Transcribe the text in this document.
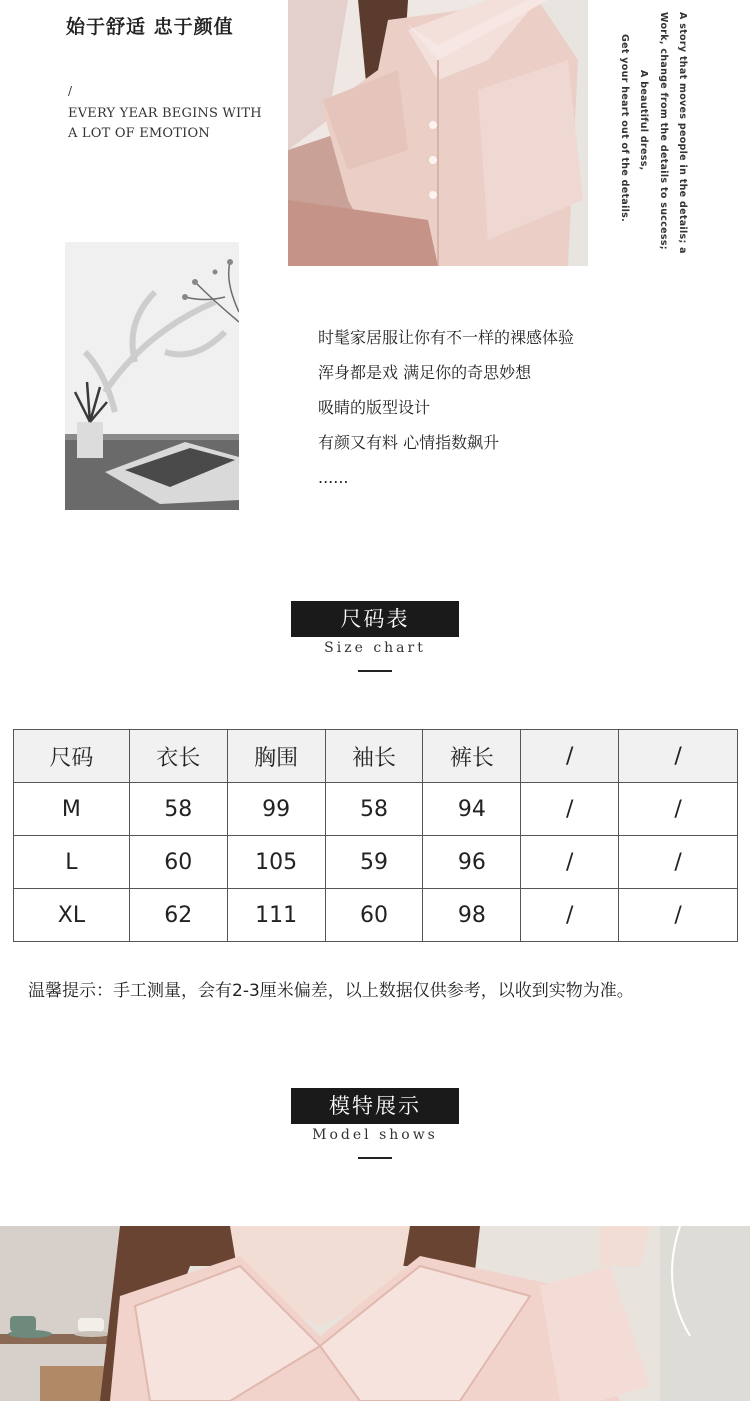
始于舒适 忠于颜值
/
EVERY YEAR BEGINS WITH
A LOT OF EMOTION	A story that moves people in the details; a
Work, change from the details to success;
A beautiful dress,
Get your heart out of the details.
时髦家居服让你有不一样的裸感体验
浑身都是戏 满足你的奇思妙想
吸睛的版型设计
有颜又有料 心情指数飙升
......
尺码表
Size chart
尺码	衣长	胸围	袖长	裤长	/	/
M	58	99	58	94	/	/
L	60	105	59	96	/	/
XL	62	111	60	98	/	/
温馨提示：手工测量，会有2-3厘米偏差，以上数据仅供参考，以收到实物为准。
模特展示
Model shows
